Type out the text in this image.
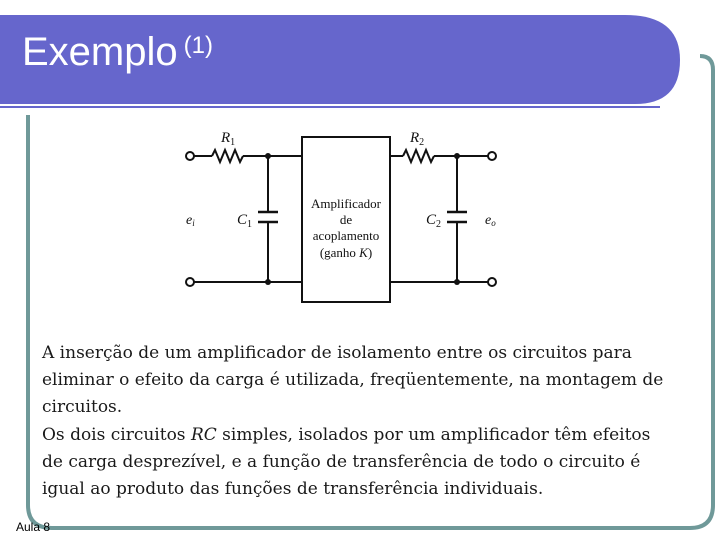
Exemplo $^{(1)}$
$R_1$	$R_2$
$C_1$	$C_2$
ei	eo
Amplificador
de
acoplamento
(ganho K)

A inserção de um amplificador de isolamento entre os circuitos para eliminar o efeito da carga é utilizada, freqüentemente, na montagem de circuitos.

Os dois circuitos RC simples, isolados por um amplificador têm efeitos de carga desprezível, e a função de transferência de todo o circuito é igual ao produto das funções de transferência individuais.

Aula 8
